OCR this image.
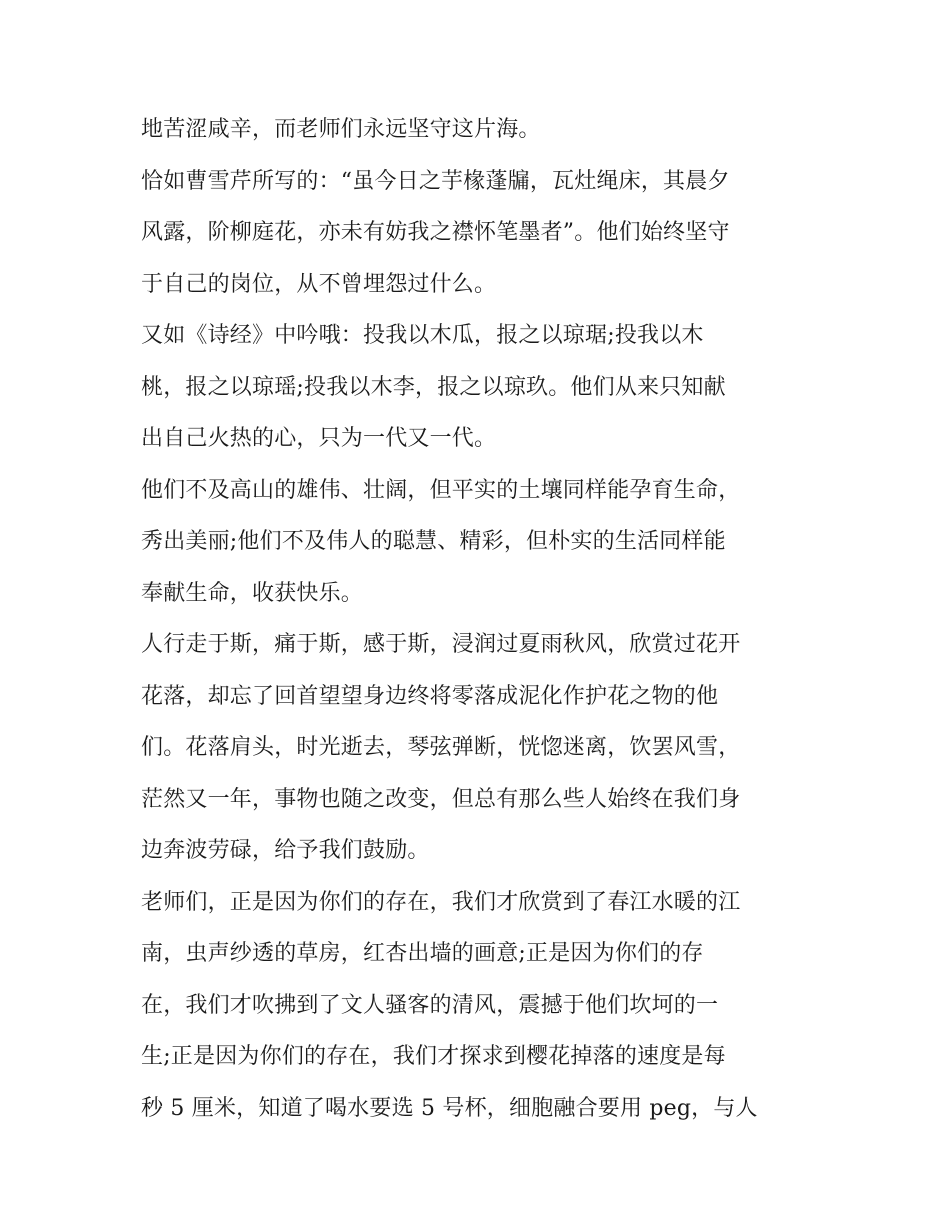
地苦涩咸辛，而老师们永远坚守这片海。
恰如曹雪芹所写的：“虽今日之芋椽蓬牖，瓦灶绳床，其晨夕
风露，阶柳庭花，亦未有妨我之襟怀笔墨者”。他们始终坚守
于自己的岗位，从不曾埋怨过什么。
又如《诗经》中吟哦：投我以木瓜，报之以琼琚;投我以木
桃，报之以琼瑶;投我以木李，报之以琼玖。他们从来只知献
出自己火热的心，只为一代又一代。
他们不及高山的雄伟、壮阔，但平实的土壤同样能孕育生命，
秀出美丽;他们不及伟人的聪慧、精彩，但朴实的生活同样能
奉献生命，收获快乐。
人行走于斯，痛于斯，感于斯，浸润过夏雨秋风，欣赏过花开
花落，却忘了回首望望身边终将零落成泥化作护花之物的他
们。花落肩头，时光逝去，琴弦弹断，恍惚迷离，饮罢风雪，
茫然又一年，事物也随之改变，但总有那么些人始终在我们身
边奔波劳碌，给予我们鼓励。
老师们，正是因为你们的存在，我们才欣赏到了春江水暖的江
南，虫声纱透的草房，红杏出墙的画意;正是因为你们的存
在，我们才吹拂到了文人骚客的清风，震撼于他们坎坷的一
生;正是因为你们的存在，我们才探求到樱花掉落的速度是每
秒 5 厘米，知道了喝水要选 5 号杯，细胞融合要用 peg，与人
